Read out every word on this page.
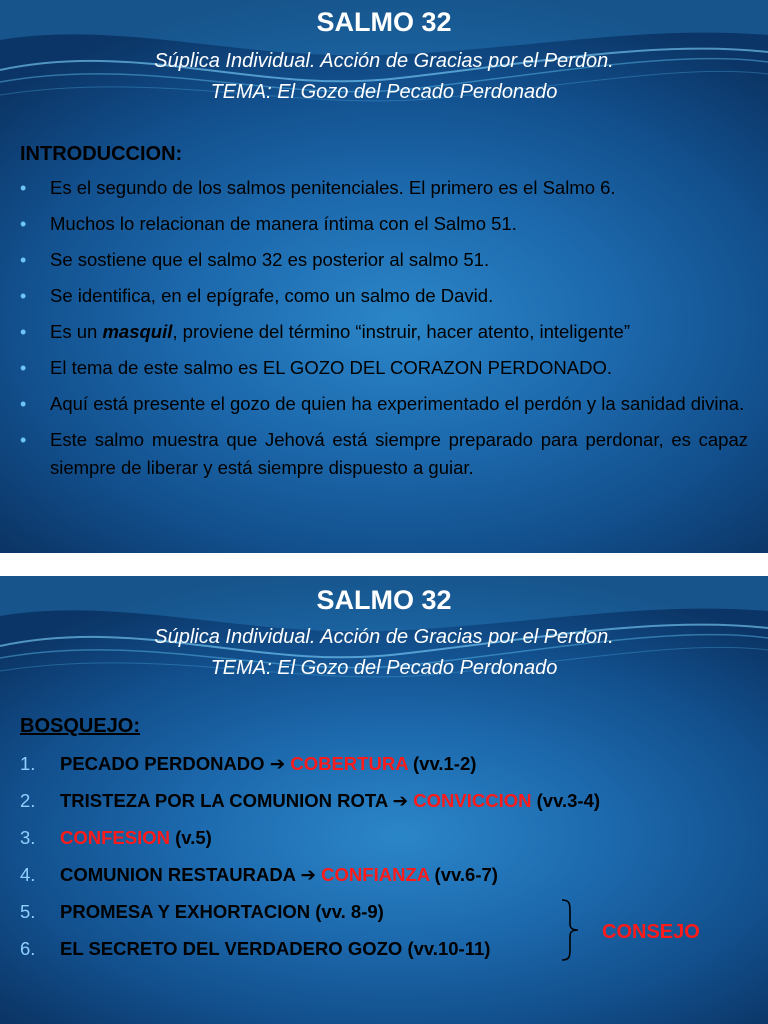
SALMO 32

Súplica Individual. Acción de Gracias por el Perdon.

TEMA: El Gozo del Pecado Perdonado

INTRODUCCION:

• Es el segundo de los salmos penitenciales. El primero es el Salmo 6.
• Muchos lo relacionan de manera íntima con el Salmo 51.
• Se sostiene que el salmo 32 es posterior al salmo 51.
• Se identifica, en el epígrafe, como un salmo de David.
• Es un masquil, proviene del término “instruir, hacer atento, inteligente”
• El tema de este salmo es EL GOZO DEL CORAZON PERDONADO.
• Aquí está presente el gozo de quien ha experimentado el perdón y la sanidad divina.
• Este salmo muestra que Jehová está siempre preparado para perdonar, es capaz siempre de liberar y está siempre dispuesto a guiar.
SALMO 32

Súplica Individual. Acción de Gracias por el Perdon.

TEMA: El Gozo del Pecado Perdonado

BOSQUEJO:

1. PECADO PERDONADO ➔ COBERTURA (vv.1-2)
2. TRISTEZA POR LA COMUNION ROTA ➔ CONVICCION (vv.3-4)
3. CONFESION (v.5)
4. COMUNION RESTAURADA ➔ CONFIANZA (vv.6-7)
5. PROMESA Y EXHORTACION (vv. 8-9)
6. EL SECRETO DEL VERDADERO GOZO (vv.10-11)

CONSEJO
